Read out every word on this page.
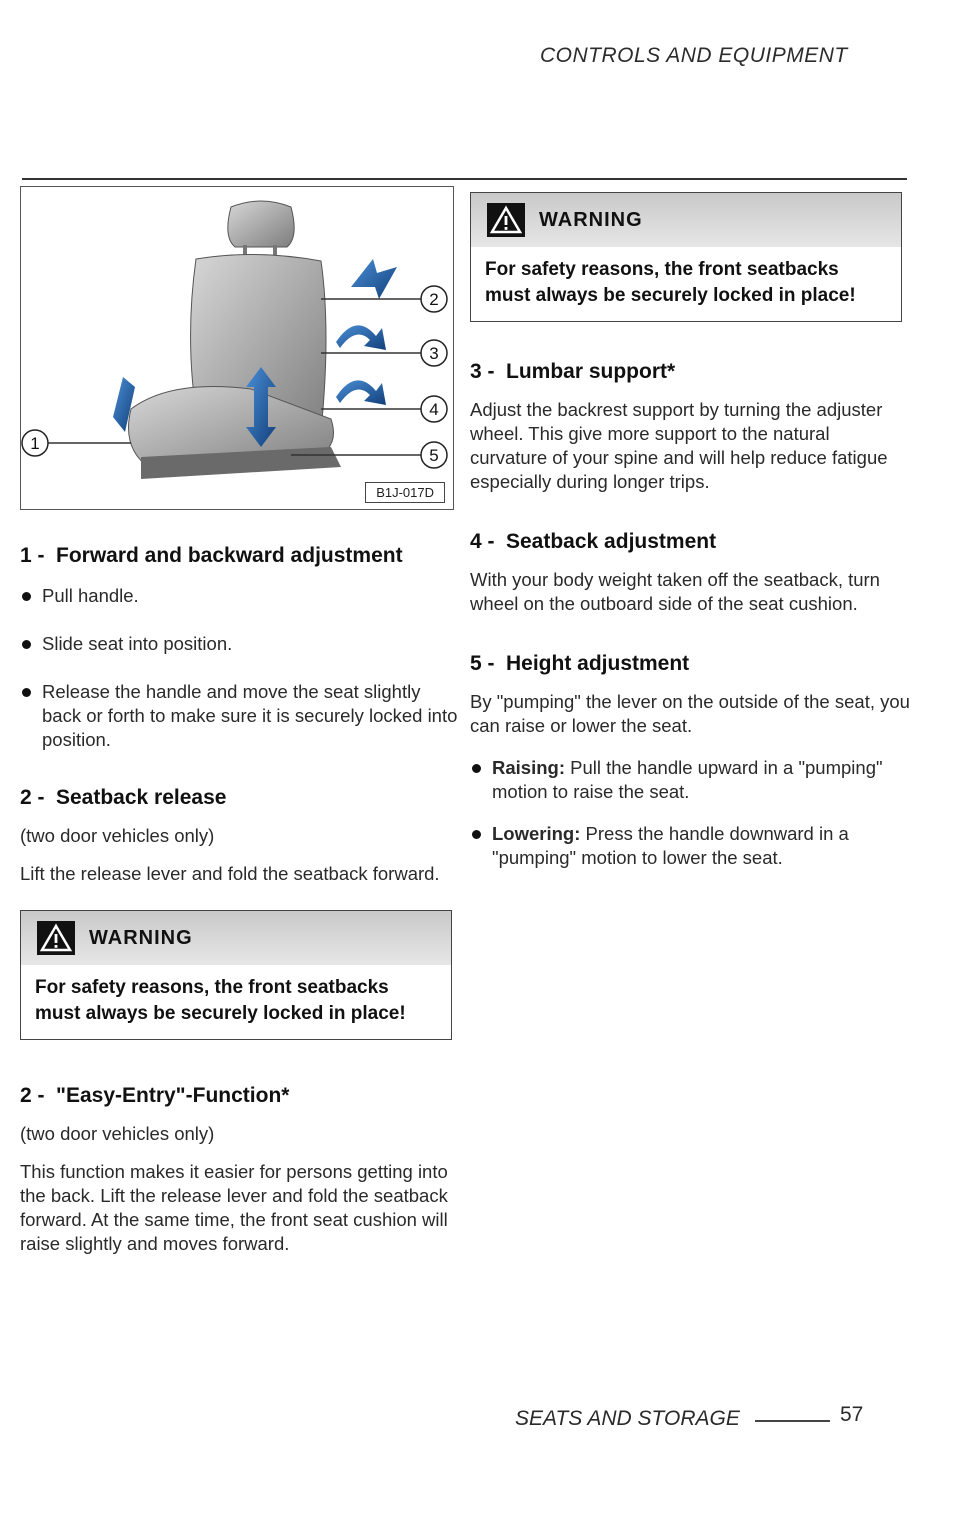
CONTROLS AND EQUIPMENT
2
3
4
5
1
B1J-017D
1 - Forward and backward adjustment
Pull handle.
Slide seat into position.
Release the handle and move the seat slightly back or forth to make sure it is securely locked into position.
2 - Seatback release

(two door vehicles only)

Lift the release lever and fold the seatback forward.

WARNING
For safety reasons, the front seatbacks must always be securely locked in place!
2 - "Easy-Entry"-Function*

(two door vehicles only)

This function makes it easier for persons getting into the back. Lift the release lever and fold the seatback forward. At the same time, the front seat cushion will raise slightly and moves forward.

WARNING
For safety reasons, the front seatbacks must always be securely locked in place!
3 - Lumbar support*

Adjust the backrest support by turning the adjuster wheel. This give more support to the natural curvature of your spine and will help reduce fatigue especially during longer trips.

4 - Seatback adjustment

With your body weight taken off the seatback, turn wheel on the outboard side of the seat cushion.

5 - Height adjustment

By "pumping" the lever on the outside of the seat, you can raise or lower the seat.

Raising: Pull the handle upward in a "pumping" motion to raise the seat.
Lowering: Press the handle downward in a "pumping" motion to lower the seat.
SEATS AND STORAGE	57
